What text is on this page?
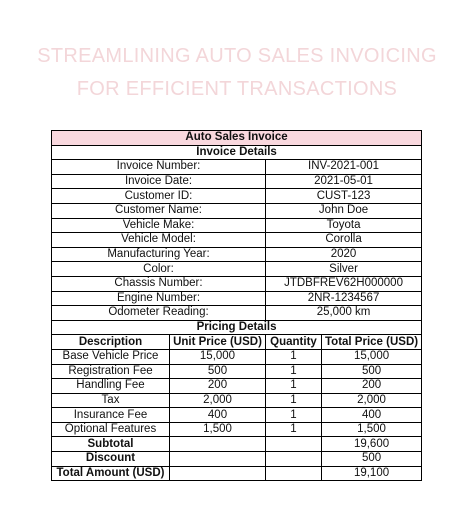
STREAMLINING AUTO SALES INVOICING
FOR EFFICIENT TRANSACTIONS
Auto Sales Invoice			
Invoice Details			
Invoice Number:		INV-2021-001	
Invoice Date:		2021-05-01	
Customer ID:		CUST-123	
Customer Name:		John Doe	
Vehicle Make:		Toyota	
Vehicle Model:		Corolla	
Manufacturing Year:		2020	
Color:		Silver	
Chassis Number:		JTDBFREV62H000000	
Engine Number:		2NR-1234567	
Odometer Reading:		25,000 km	
Pricing Details			
Description	Unit Price (USD)	Quantity	Total Price (USD)
Base Vehicle Price	15,000	1	15,000
Registration Fee	500	1	500
Handling Fee	200	1	200
Tax	2,000	1	2,000
Insurance Fee	400	1	400
Optional Features	1,500	1	1,500
Subtotal			19,600
Discount			500
Total Amount (USD)			19,100
